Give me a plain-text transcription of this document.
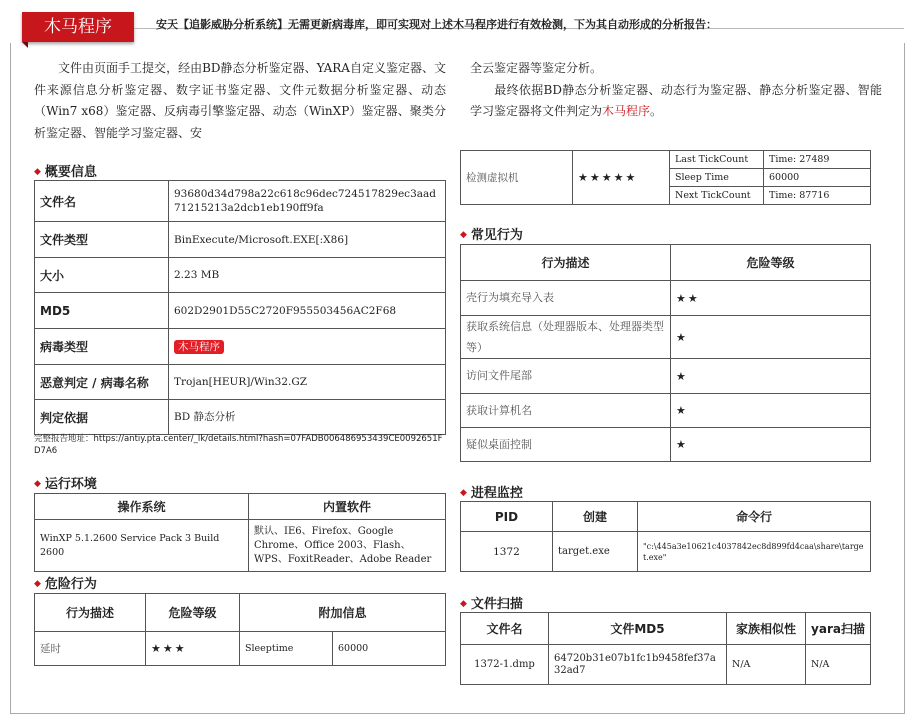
木马程序	安天【追影威胁分析系统】无需更新病毒库，即可实现对上述木马程序进行有效检测，下为其自动形成的分析报告：
文件由页面手工提交，经由BD静态分析鉴定器、YARA自定义鉴定器、文件来源信息分析鉴定器、数字证书鉴定器、文件元数据分析鉴定器、动态（Win7 x68）鉴定器、反病毒引擎鉴定器、动态（WinXP）鉴定器、聚类分析鉴定器、智能学习鉴定器、安
全云鉴定器等鉴定分析。
最终依据BD静态分析鉴定器、动态行为鉴定器、静态分析鉴定器、智能学习鉴定器将文件判定为木马程序。
◆ 概要信息
文件名	93680d34d798a22c618c96dec724517829ec3aad71215213a2dcb1eb190ff9fa
文件类型	BinExecute/Microsoft.EXE[:X86]
大小	2.23 MB
MD5	602D2901D55C2720F955503456AC2F68
病毒类型	木马程序
恶意判定 / 病毒名称	Trojan[HEUR]/Win32.GZ
判定依据	BD 静态分析
完整报告地址：https://antiy.pta.center/_lk/details.html?hash=07FADB006486953439CE0092651FD7A6
◆ 运行环境
操作系统	内置软件
WinXP 5.1.2600 Service Pack 3 Build 2600	默认、IE6、Firefox、Google Chrome、Office 2003、Flash、WPS、FoxitReader、Adobe Reader
◆ 危险行为
行为描述	危险等级	附加信息	
延时	★★★	Sleeptime	60000
检测虚拟机	★★★★★	Last TickCount	Time: 27489
		Sleep Time	60000
		Next TickCount	Time: 87716
◆ 常见行为
行为描述	危险等级
壳行为填充导入表	★★
获取系统信息（处理器版本、处理器类型等）	★
访问文件尾部	★
获取计算机名	★
疑似桌面控制	★
◆ 进程监控
PID	创建	命令行
1372	target.exe	"c:\445a3e10621c4037842ec8d899fd4caa\share\target.exe"
◆ 文件扫描
文件名	文件MD5	家族相似性	yara扫描
1372-1.dmp	64720b31e07b1fc1b9458fef37a32ad7	N/A	N/A
